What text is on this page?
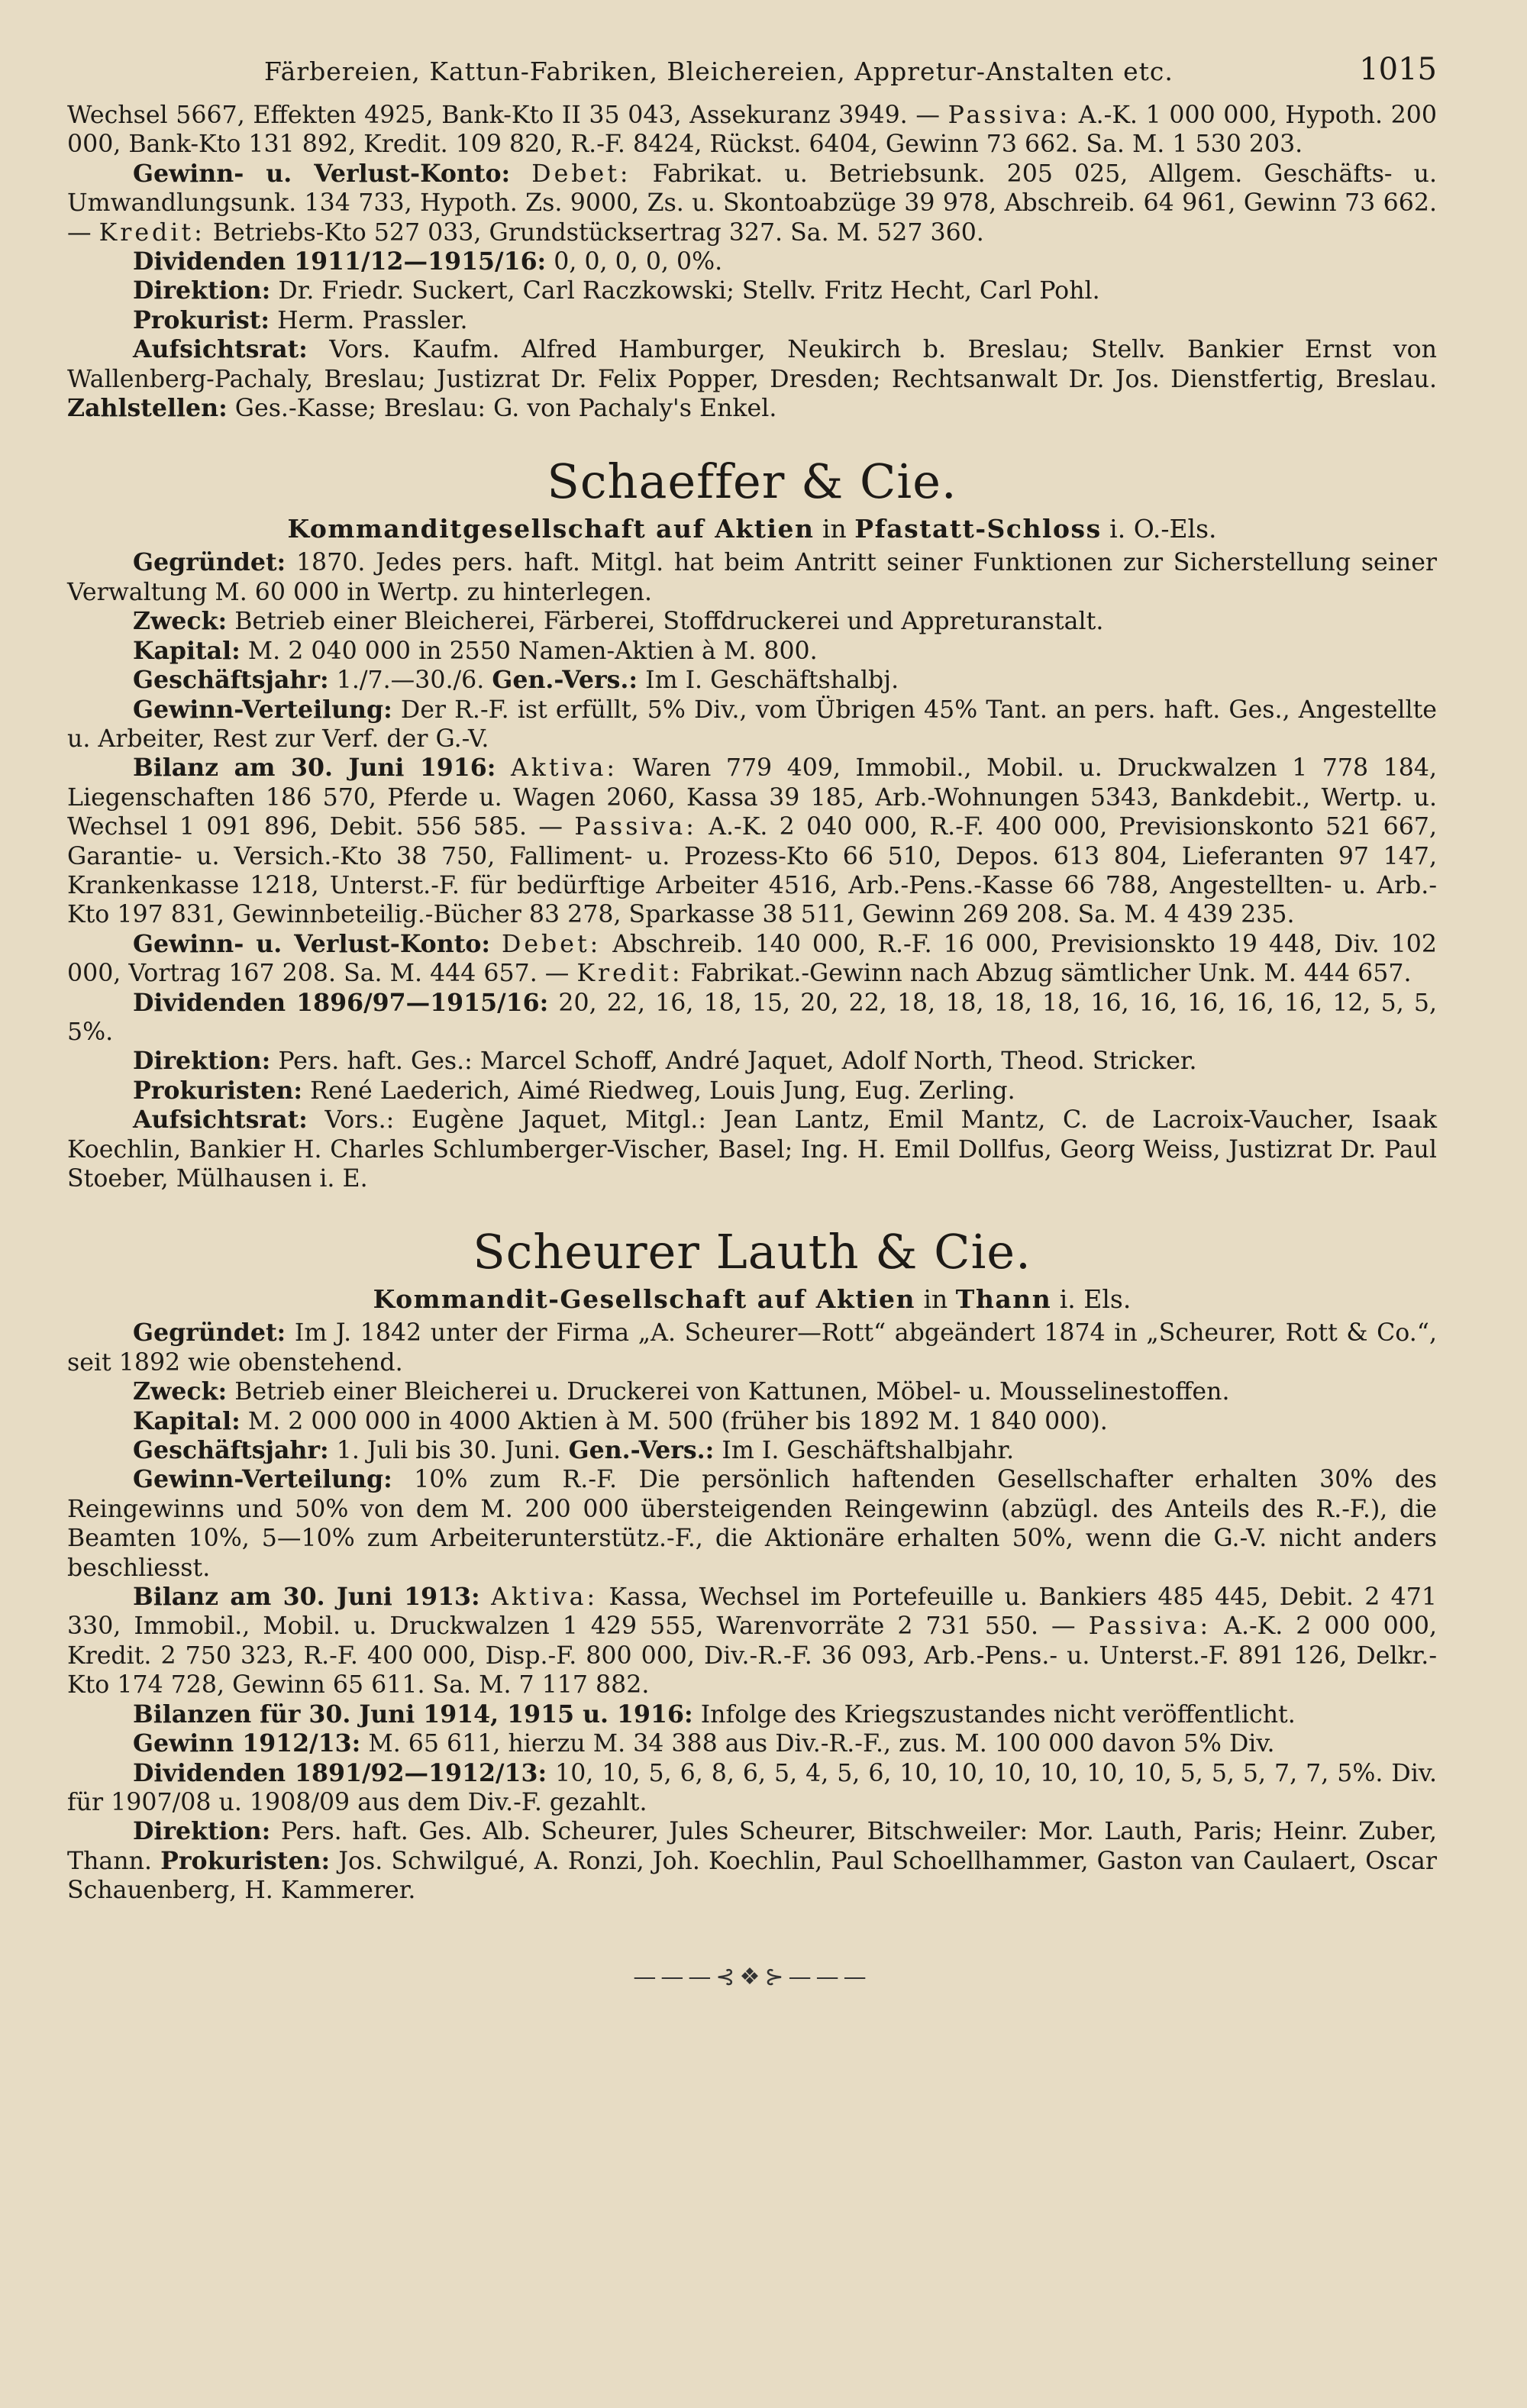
Färbereien, Kattun-Fabriken, Bleichereien, Appretur-Anstalten etc.	1015

Wechsel 5667, Effekten 4925, Bank-Kto II 35 043, Assekuranz 3949. — Passiva: A.-K. 1 000 000, Hypoth. 200 000, Bank-Kto 131 892, Kredit. 109 820, R.-F. 8424, Rückst. 6404, Gewinn 73 662. Sa. M. 1 530 203.

Gewinn- u. Verlust-Konto: Debet: Fabrikat. u. Betriebsunk. 205 025, Allgem. Geschäfts- u. Umwandlungsunk. 134 733, Hypoth. Zs. 9000, Zs. u. Skontoabzüge 39 978, Abschreib. 64 961, Gewinn 73 662. — Kredit: Betriebs-Kto 527 033, Grundstücksertrag 327. Sa. M. 527 360.

Dividenden 1911/12—1915/16: 0, 0, 0, 0, 0%.

Direktion: Dr. Friedr. Suckert, Carl Raczkowski; Stellv. Fritz Hecht, Carl Pohl.

Prokurist: Herm. Prassler.

Aufsichtsrat: Vors. Kaufm. Alfred Hamburger, Neukirch b. Breslau; Stellv. Bankier Ernst von Wallenberg-Pachaly, Breslau; Justizrat Dr. Felix Popper, Dresden; Rechtsanwalt Dr. Jos. Dienstfertig, Breslau. Zahlstellen: Ges.-Kasse; Breslau: G. von Pachaly's Enkel.

Schaeffer & Cie.

Kommanditgesellschaft auf Aktien in Pfastatt-Schloss i. O.-Els.

Gegründet: 1870. Jedes pers. haft. Mitgl. hat beim Antritt seiner Funktionen zur Sicherstellung seiner Verwaltung M. 60 000 in Wertp. zu hinterlegen.

Zweck: Betrieb einer Bleicherei, Färberei, Stoffdruckerei und Appreturanstalt.

Kapital: M. 2 040 000 in 2550 Namen-Aktien à M. 800.

Geschäftsjahr: 1./7.—30./6. Gen.-Vers.: Im I. Geschäftshalbj.

Gewinn-Verteilung: Der R.-F. ist erfüllt, 5% Div., vom Übrigen 45% Tant. an pers. haft. Ges., Angestellte u. Arbeiter, Rest zur Verf. der G.-V.

Bilanz am 30. Juni 1916: Aktiva: Waren 779 409, Immobil., Mobil. u. Druckwalzen 1 778 184, Liegenschaften 186 570, Pferde u. Wagen 2060, Kassa 39 185, Arb.-Wohnungen 5343, Bankdebit., Wertp. u. Wechsel 1 091 896, Debit. 556 585. — Passiva: A.-K. 2 040 000, R.-F. 400 000, Previsionskonto 521 667, Garantie- u. Versich.-Kto 38 750, Falliment- u. Prozess-Kto 66 510, Depos. 613 804, Lieferanten 97 147, Krankenkasse 1218, Unterst.-F. für bedürftige Arbeiter 4516, Arb.-Pens.-Kasse 66 788, Angestellten- u. Arb.-Kto 197 831, Gewinnbeteilig.-Bücher 83 278, Sparkasse 38 511, Gewinn 269 208. Sa. M. 4 439 235.

Gewinn- u. Verlust-Konto: Debet: Abschreib. 140 000, R.-F. 16 000, Previsionskto 19 448, Div. 102 000, Vortrag 167 208. Sa. M. 444 657. — Kredit: Fabrikat.-Gewinn nach Abzug sämtlicher Unk. M. 444 657.

Dividenden 1896/97—1915/16: 20, 22, 16, 18, 15, 20, 22, 18, 18, 18, 18, 16, 16, 16, 16, 16, 12, 5, 5, 5%.

Direktion: Pers. haft. Ges.: Marcel Schoff, André Jaquet, Adolf North, Theod. Stricker.

Prokuristen: René Laederich, Aimé Riedweg, Louis Jung, Eug. Zerling.

Aufsichtsrat: Vors.: Eugène Jaquet, Mitgl.: Jean Lantz, Emil Mantz, C. de Lacroix-Vaucher, Isaak Koechlin, Bankier H. Charles Schlumberger-Vischer, Basel; Ing. H. Emil Dollfus, Georg Weiss, Justizrat Dr. Paul Stoeber, Mülhausen i. E.

Scheurer Lauth & Cie.

Kommandit-Gesellschaft auf Aktien in Thann i. Els.

Gegründet: Im J. 1842 unter der Firma „A. Scheurer—Rott“ abgeändert 1874 in „Scheurer, Rott & Co.“, seit 1892 wie obenstehend.

Zweck: Betrieb einer Bleicherei u. Druckerei von Kattunen, Möbel- u. Mousselinestoffen.

Kapital: M. 2 000 000 in 4000 Aktien à M. 500 (früher bis 1892 M. 1 840 000).

Geschäftsjahr: 1. Juli bis 30. Juni. Gen.-Vers.: Im I. Geschäftshalbjahr.

Gewinn-Verteilung: 10% zum R.-F. Die persönlich haftenden Gesellschafter erhalten 30% des Reingewinns und 50% von dem M. 200 000 übersteigenden Reingewinn (abzügl. des Anteils des R.-F.), die Beamten 10%, 5—10% zum Arbeiterunterstütz.-F., die Aktionäre erhalten 50%, wenn die G.-V. nicht anders beschliesst.

Bilanz am 30. Juni 1913: Aktiva: Kassa, Wechsel im Portefeuille u. Bankiers 485 445, Debit. 2 471 330, Immobil., Mobil. u. Druckwalzen 1 429 555, Warenvorräte 2 731 550. — Passiva: A.-K. 2 000 000, Kredit. 2 750 323, R.-F. 400 000, Disp.-F. 800 000, Div.-R.-F. 36 093, Arb.-Pens.- u. Unterst.-F. 891 126, Delkr.-Kto 174 728, Gewinn 65 611. Sa. M. 7 117 882.

Bilanzen für 30. Juni 1914, 1915 u. 1916: Infolge des Kriegszustandes nicht veröffentlicht.

Gewinn 1912/13: M. 65 611, hierzu M. 34 388 aus Div.-R.-F., zus. M. 100 000 davon 5% Div.

Dividenden 1891/92—1912/13: 10, 10, 5, 6, 8, 6, 5, 4, 5, 6, 10, 10, 10, 10, 10, 10, 5, 5, 5, 7, 7, 5%. Div. für 1907/08 u. 1908/09 aus dem Div.-F. gezahlt.

Direktion: Pers. haft. Ges. Alb. Scheurer, Jules Scheurer, Bitschweiler: Mor. Lauth, Paris; Heinr. Zuber, Thann. Prokuristen: Jos. Schwilgué, A. Ronzi, Joh. Koechlin, Paul Schoellhammer, Gaston van Caulaert, Oscar Schauenberg, H. Kammerer.

———⊰❖⊱———
